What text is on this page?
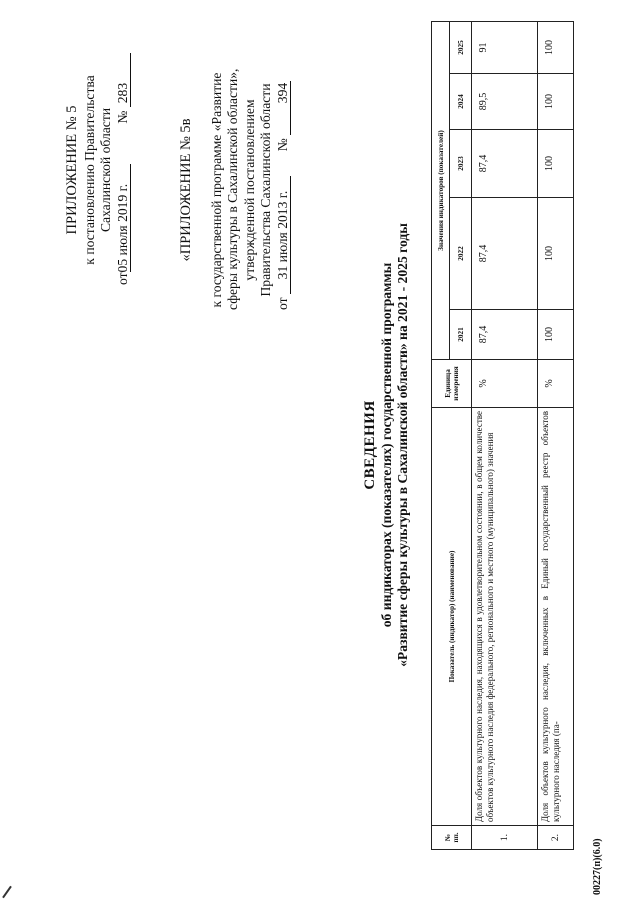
ПРИЛОЖЕНИЕ № 5 к постановлению Правительства Сахалинской области
от05 июля 2019 г.  № 283
«ПРИЛОЖЕНИЕ № 5в к государственной программе «Развитие сферы культуры в Сахалинской области», утвержденной постановлением Правительства Сахалинской области
от 31 июля 2013 г.  № 394
СВЕДЕНИЯ об индикаторах (показателях) государственной программы «Развитие сферы культуры в Сахалинской области» на 2021 - 2025 годы
№ пп.	Показатель (индикатор) (наименование)	Единица измерения	Значения индикаторов (показателей)				
			2021	2022	2023	2024	2025
1.	Доля объектов культурного наследия, находящихся в удовлетворительном состоянии, в общем количестве объектов культурного наследия федерального, регионального и местного (муниципального) значения	%	87,4	87,4	87,4	89,5	91
2.	Доля объектов культурного наследия, включенных в Единый государственный реестр объектов культурного наследия (па-	%	100	100	100	100	100
00227(п)(6.0)
